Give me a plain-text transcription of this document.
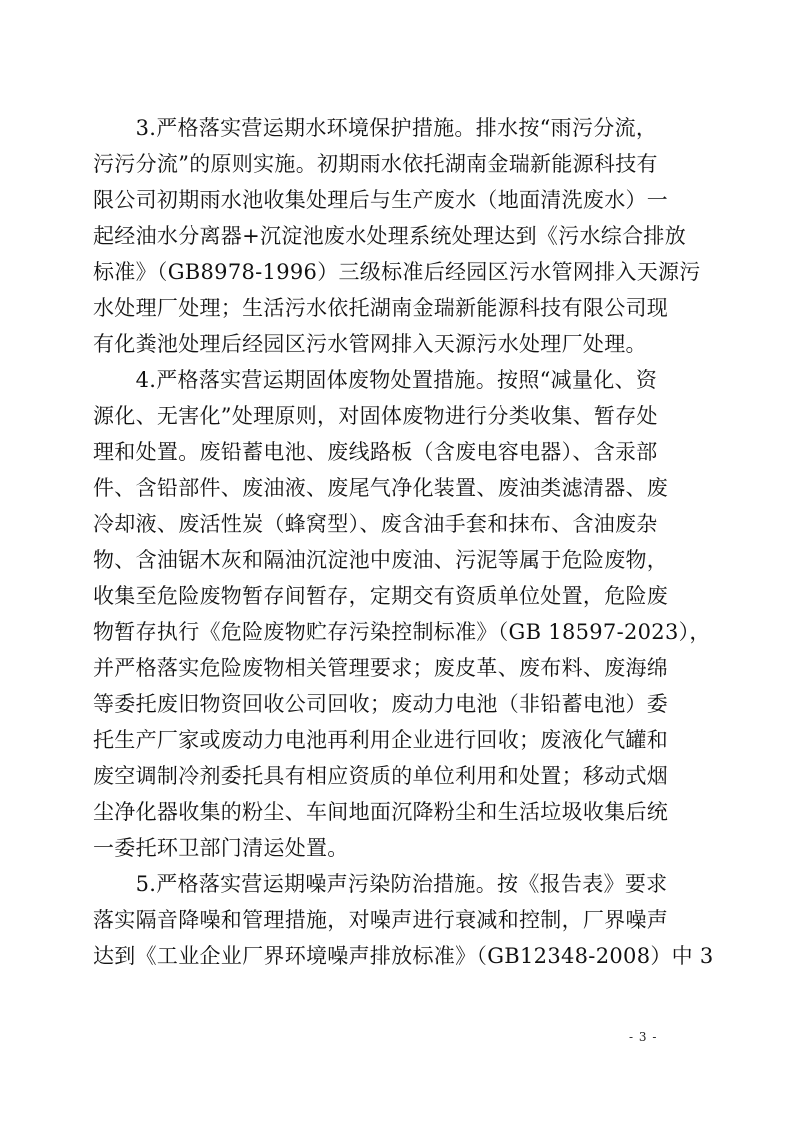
　　3.严格落实营运期水环境保护措施。排水按“雨污分流，
污污分流”的原则实施。初期雨水依托湖南金瑞新能源科技有
限公司初期雨水池收集处理后与生产废水（地面清洗废水）一
起经油水分离器+沉淀池废水处理系统处理达到《污水综合排放
标准》（GB8978-1996）三级标准后经园区污水管网排入天源污
水处理厂处理；生活污水依托湖南金瑞新能源科技有限公司现
有化粪池处理后经园区污水管网排入天源污水处理厂处理。
　　4.严格落实营运期固体废物处置措施。按照“减量化、资
源化、无害化”处理原则，对固体废物进行分类收集、暂存处
理和处置。废铅蓄电池、废线路板（含废电容电器）、含汞部
件、含铅部件、废油液、废尾气净化装置、废油类滤清器、废
冷却液、废活性炭（蜂窝型）、废含油手套和抹布、含油废杂
物、含油锯木灰和隔油沉淀池中废油、污泥等属于危险废物，
收集至危险废物暂存间暂存，定期交有资质单位处置，危险废
物暂存执行《危险废物贮存污染控制标准》（GB 18597-2023），
并严格落实危险废物相关管理要求；废皮革、废布料、废海绵
等委托废旧物资回收公司回收；废动力电池（非铅蓄电池）委
托生产厂家或废动力电池再利用企业进行回收；废液化气罐和
废空调制冷剂委托具有相应资质的单位利用和处置；移动式烟
尘净化器收集的粉尘、车间地面沉降粉尘和生活垃圾收集后统
一委托环卫部门清运处置。
　　5.严格落实营运期噪声污染防治措施。按《报告表》要求
落实隔音降噪和管理措施，对噪声进行衰减和控制，厂界噪声
达到《工业企业厂界环境噪声排放标准》（GB12348-2008）中 3
- 3 -
